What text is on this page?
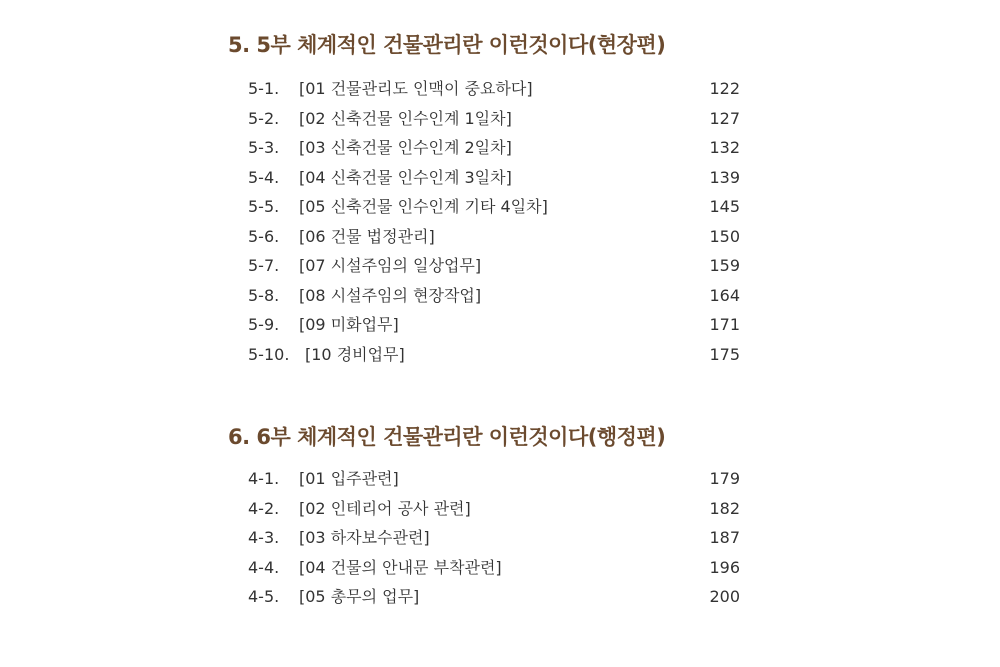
5. 5부 체계적인 건물관리란 이런것이다(현장편)
5-1. [01 건물관리도 인맥이 중요하다]	122
5-2. [02 신축건물 인수인계 1일차]	127
5-3. [03 신축건물 인수인계 2일차]	132
5-4. [04 신축건물 인수인계 3일차]	139
5-5. [05 신축건물 인수인계 기타 4일차]	145
5-6. [06 건물 법정관리]	150
5-7. [07 시설주임의 일상업무]	159
5-8. [08 시설주임의 현장작업]	164
5-9. [09 미화업무]	171
5-10. [10 경비업무]	175
6. 6부 체계적인 건물관리란 이런것이다(행정편)
4-1. [01 입주관련]	179
4-2. [02 인테리어 공사 관련]	182
4-3. [03 하자보수관련]	187
4-4. [04 건물의 안내문 부착관련]	196
4-5. [05 총무의 업무]	200
